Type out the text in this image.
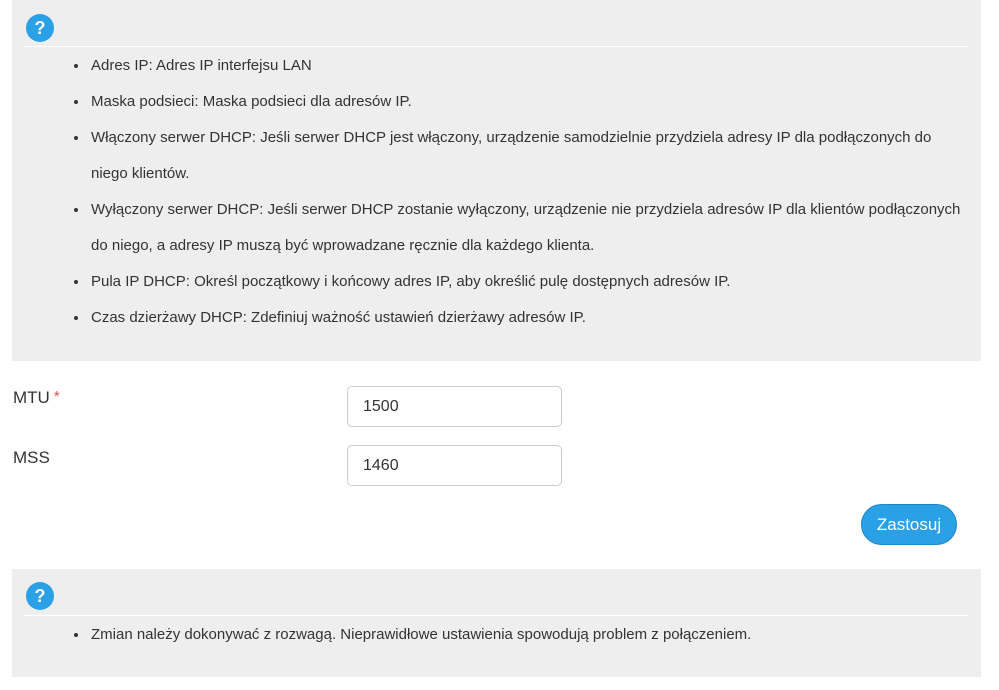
?
Adres IP: Adres IP interfejsu LAN
Maska podsieci: Maska podsieci dla adresów IP.
Włączony serwer DHCP: Jeśli serwer DHCP jest włączony, urządzenie samodzielnie przydziela adresy IP dla podłączonych do niego klientów.
Wyłączony serwer DHCP: Jeśli serwer DHCP zostanie wyłączony, urządzenie nie przydziela adresów IP dla klientów podłączonych do niego, a adresy IP muszą być wprowadzane ręcznie dla każdego klienta.
Pula IP DHCP: Określ początkowy i końcowy adres IP, aby określić pulę dostępnych adresów IP.
Czas dzierżawy DHCP: Zdefiniuj ważność ustawień dzierżawy adresów IP.
MTU *
1500
MSS
1460
Zastosuj
?
Zmian należy dokonywać z rozwagą. Nieprawidłowe ustawienia spowodują problem z połączeniem.
